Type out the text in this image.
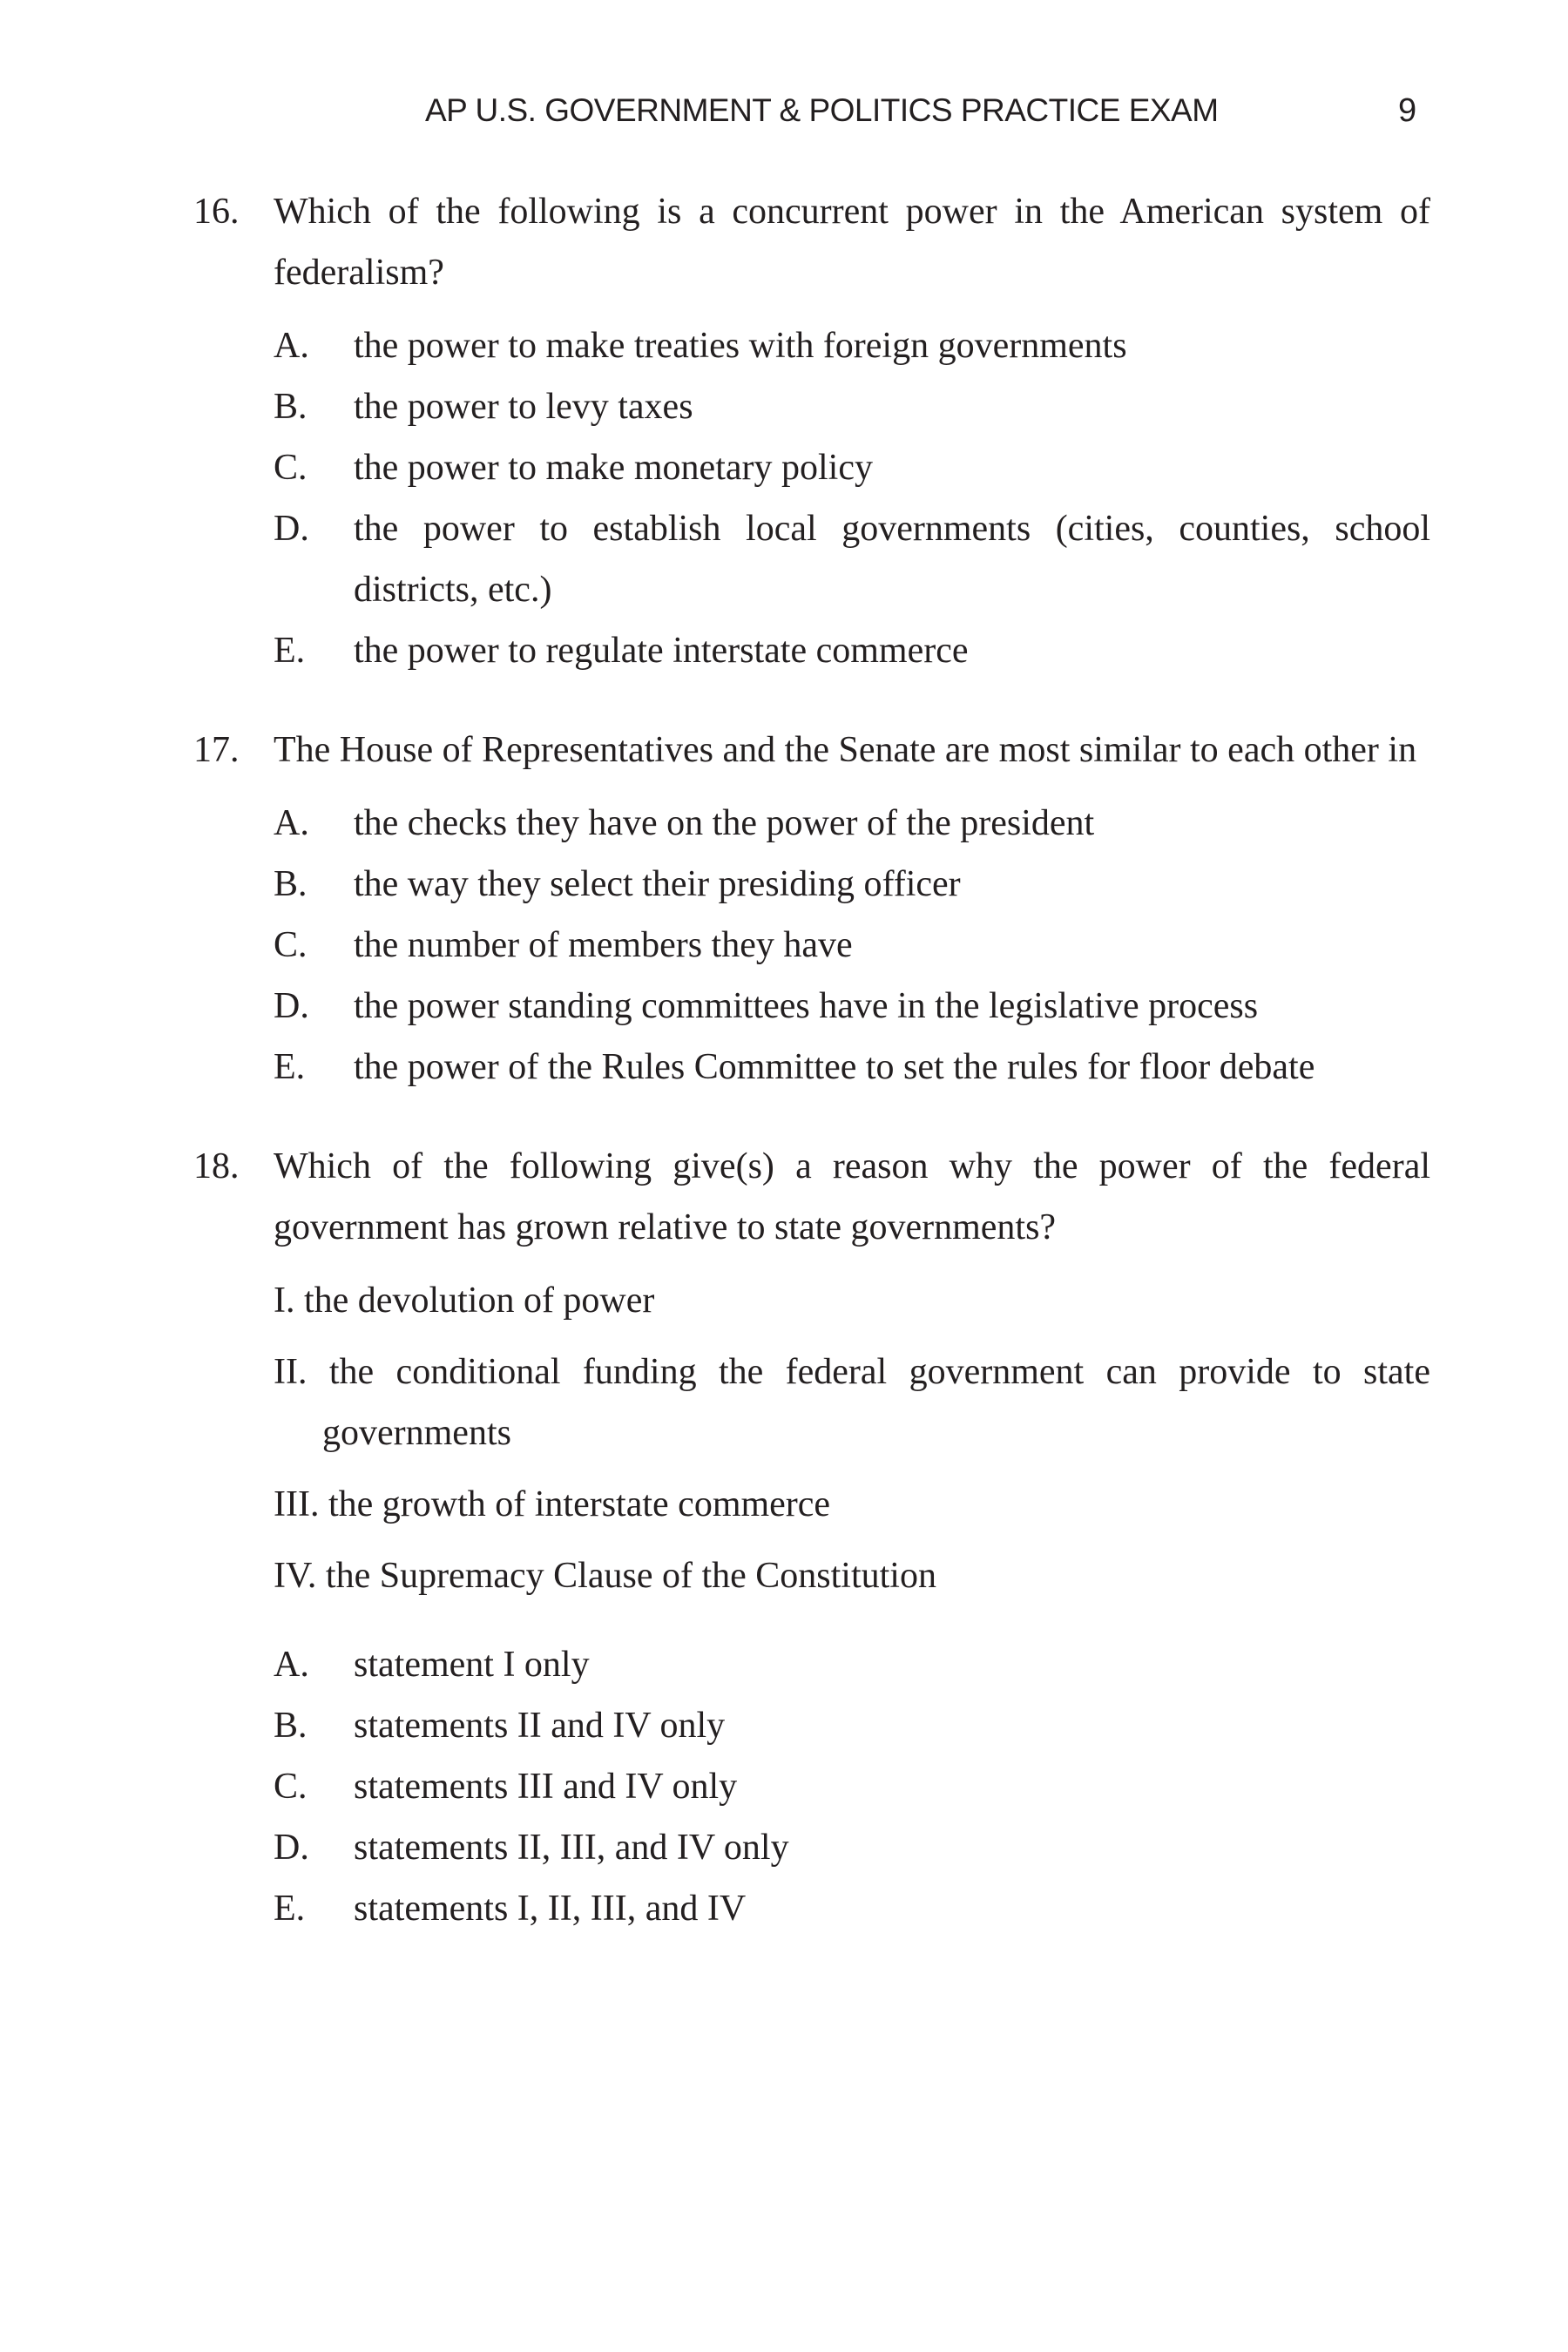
AP U.S. GOVERNMENT & POLITICS PRACTICE EXAM	9
16. Which of the following is a concurrent power in the American system of federalism?
A.	the power to make treaties with foreign governments
B.	the power to levy taxes
C.	the power to make monetary policy
D.	the power to establish local governments (cities, counties, school districts, etc.)
E.	the power to regulate interstate commerce
17. The House of Representatives and the Senate are most similar to each other in
A.	the checks they have on the power of the president
B.	the way they select their presiding officer
C.	the number of members they have
D.	the power standing committees have in the legislative process
E.	the power of the Rules Committee to set the rules for floor debate
18. Which of the following give(s) a reason why the power of the federal government has grown relative to state governments?
I. the devolution of power
II. the conditional funding the federal government can provide to state governments
III. the growth of interstate commerce
IV. the Supremacy Clause of the Constitution
A.	statement I only
B.	statements II and IV only
C.	statements III and IV only
D.	statements II, III, and IV only
E.	statements I, II, III, and IV
